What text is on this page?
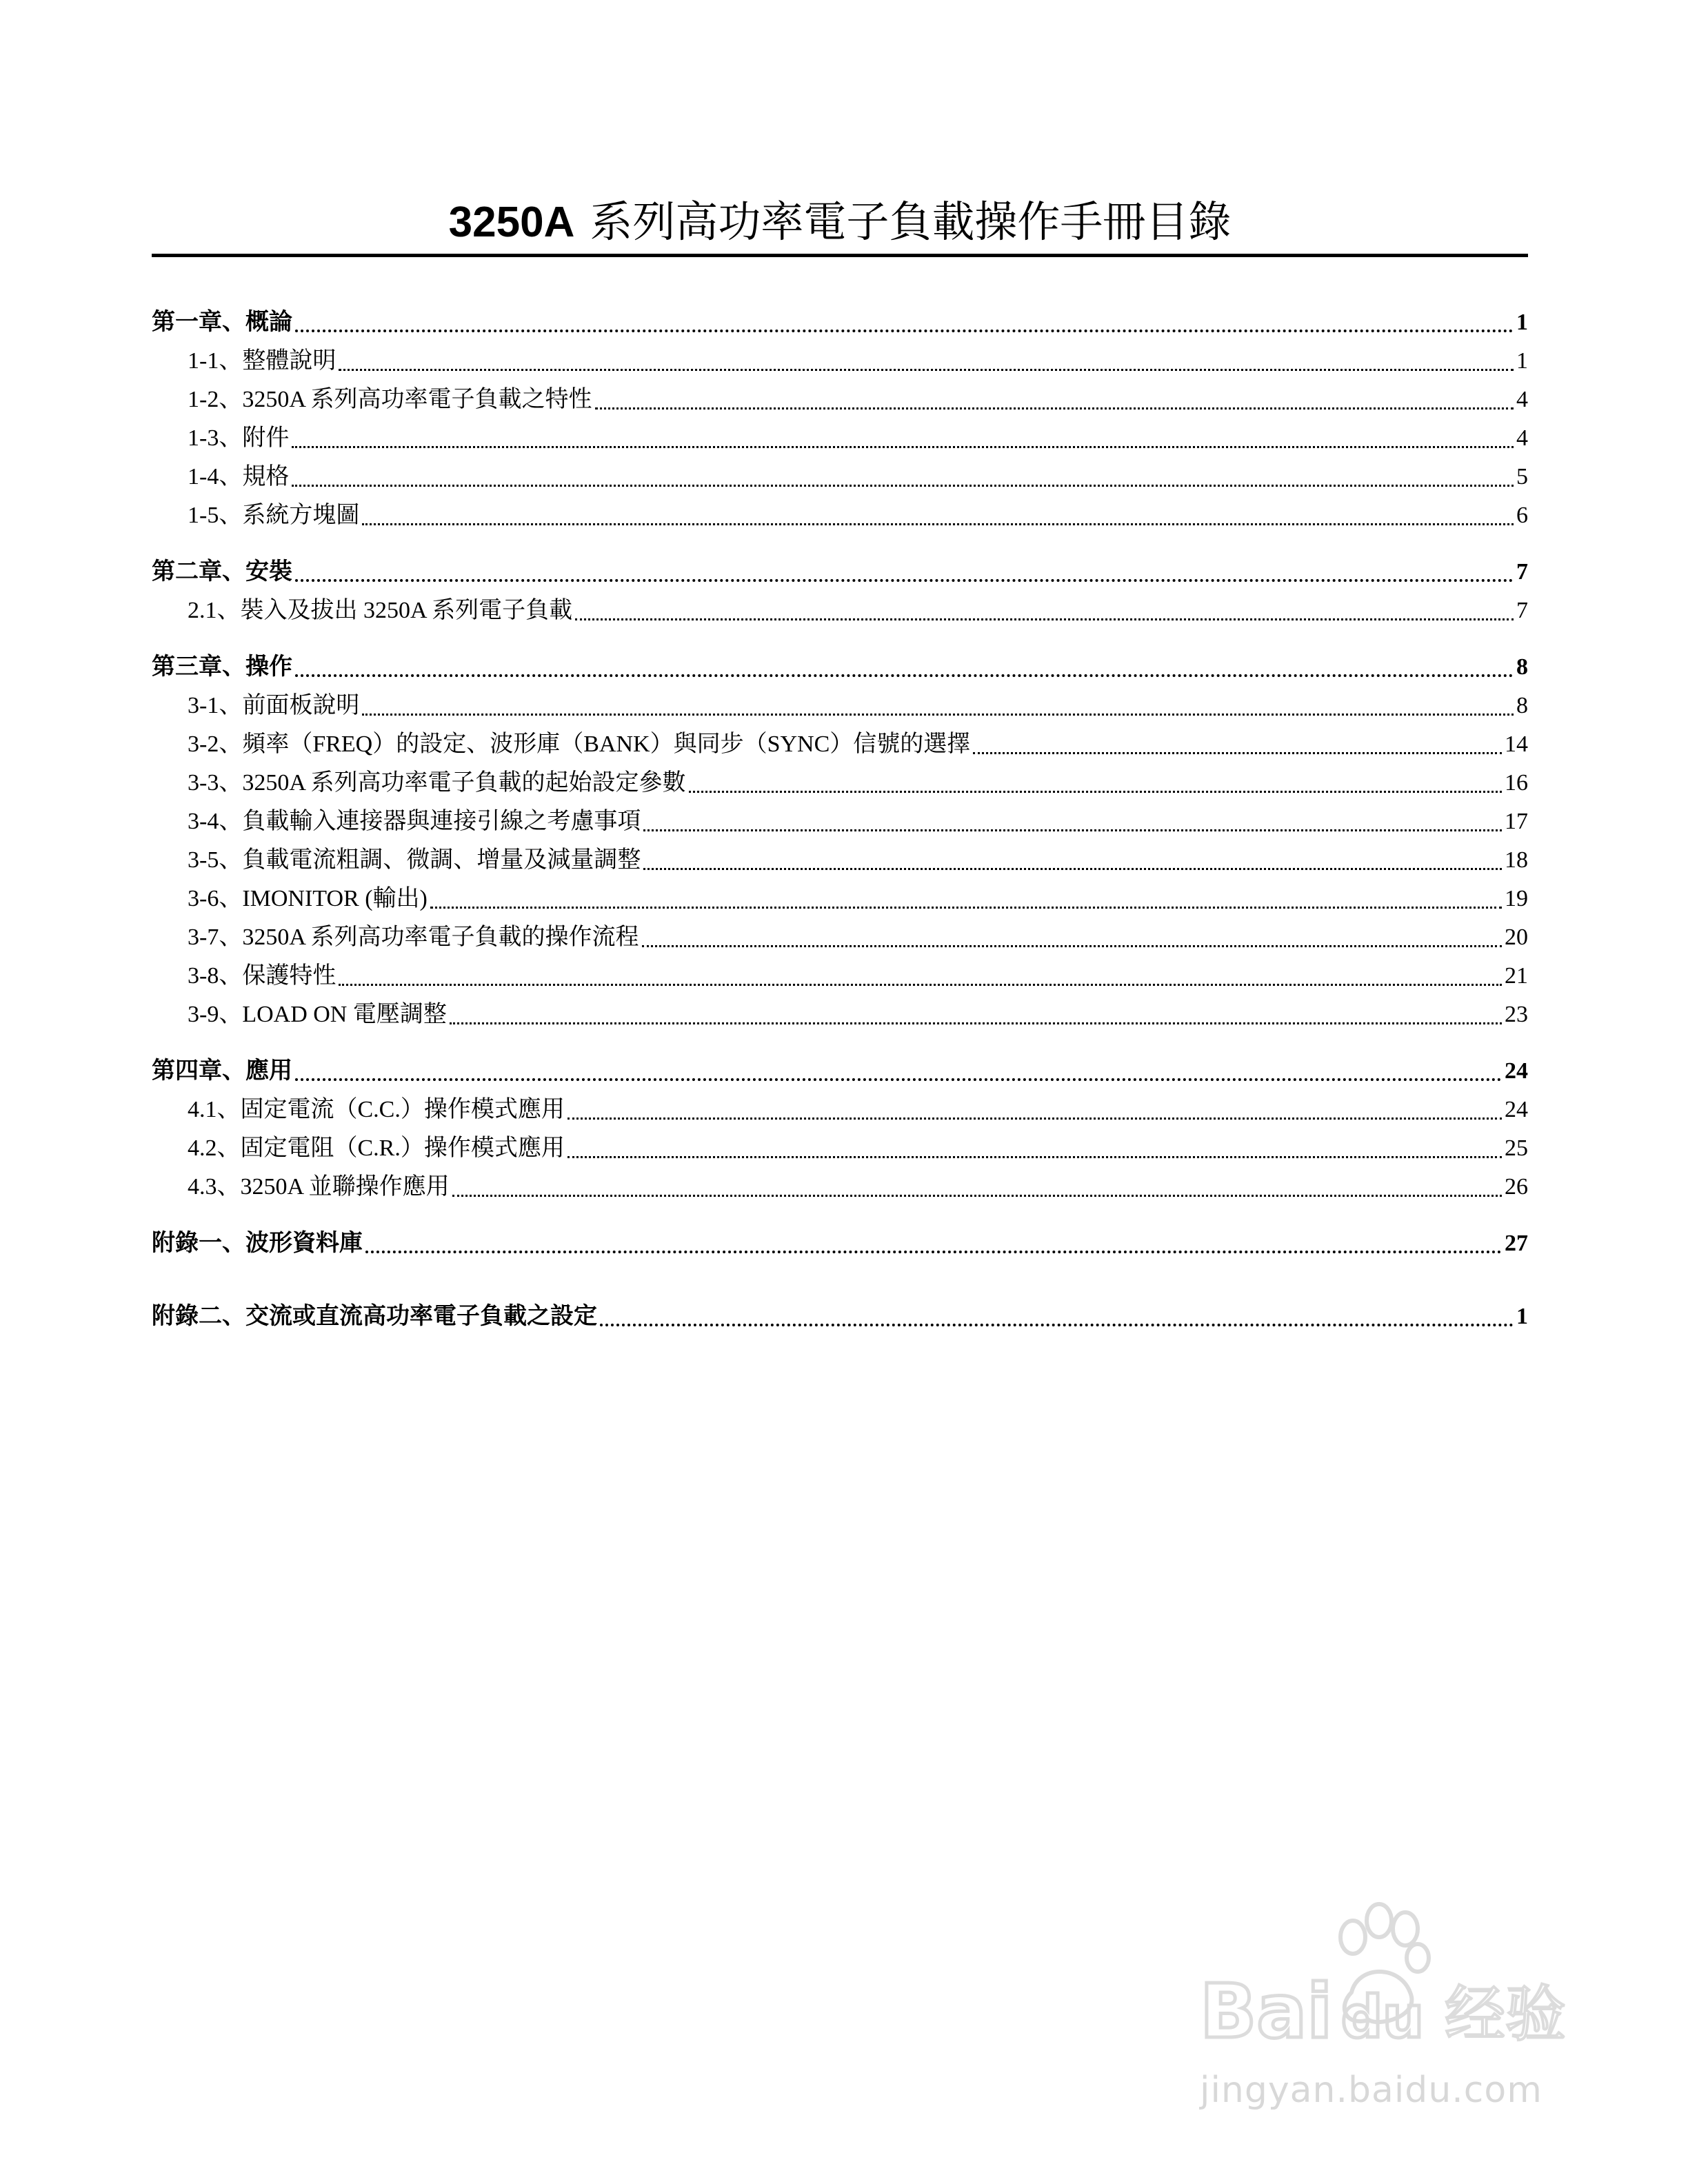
3250A 系列高功率電子負載操作手冊目錄
第一章、概論	1
1-1、整體說明	1
1-2、3250A 系列高功率電子負載之特性	4
1-3、附件	4
1-4、規格	5
1-5、系統方塊圖	6
第二章、安裝	7
2.1、裝入及拔出 3250A 系列電子負載	7
第三章、操作	8
3-1、前面板說明	8
3-2、頻率（FREQ）的設定、波形庫（BANK）與同步（SYNC）信號的選擇	14
3-3、3250A 系列高功率電子負載的起始設定參數	16
3-4、負載輸入連接器與連接引線之考慮事項	17
3-5、負載電流粗調、微調、增量及減量調整	18
3-6、IMONITOR (輸出)	19
3-7、3250A 系列高功率電子負載的操作流程	20
3-8、保護特性	21
3-9、LOAD ON 電壓調整	23
第四章、應用	24
4.1、固定電流（C.C.）操作模式應用	24
4.2、固定電阻（C.R.）操作模式應用	25
4.3、3250A 並聯操作應用	26
附錄一、波形資料庫	27
附錄二、交流或直流高功率電子負載之設定	1
Bai du 经验
jingyan.baidu.com
